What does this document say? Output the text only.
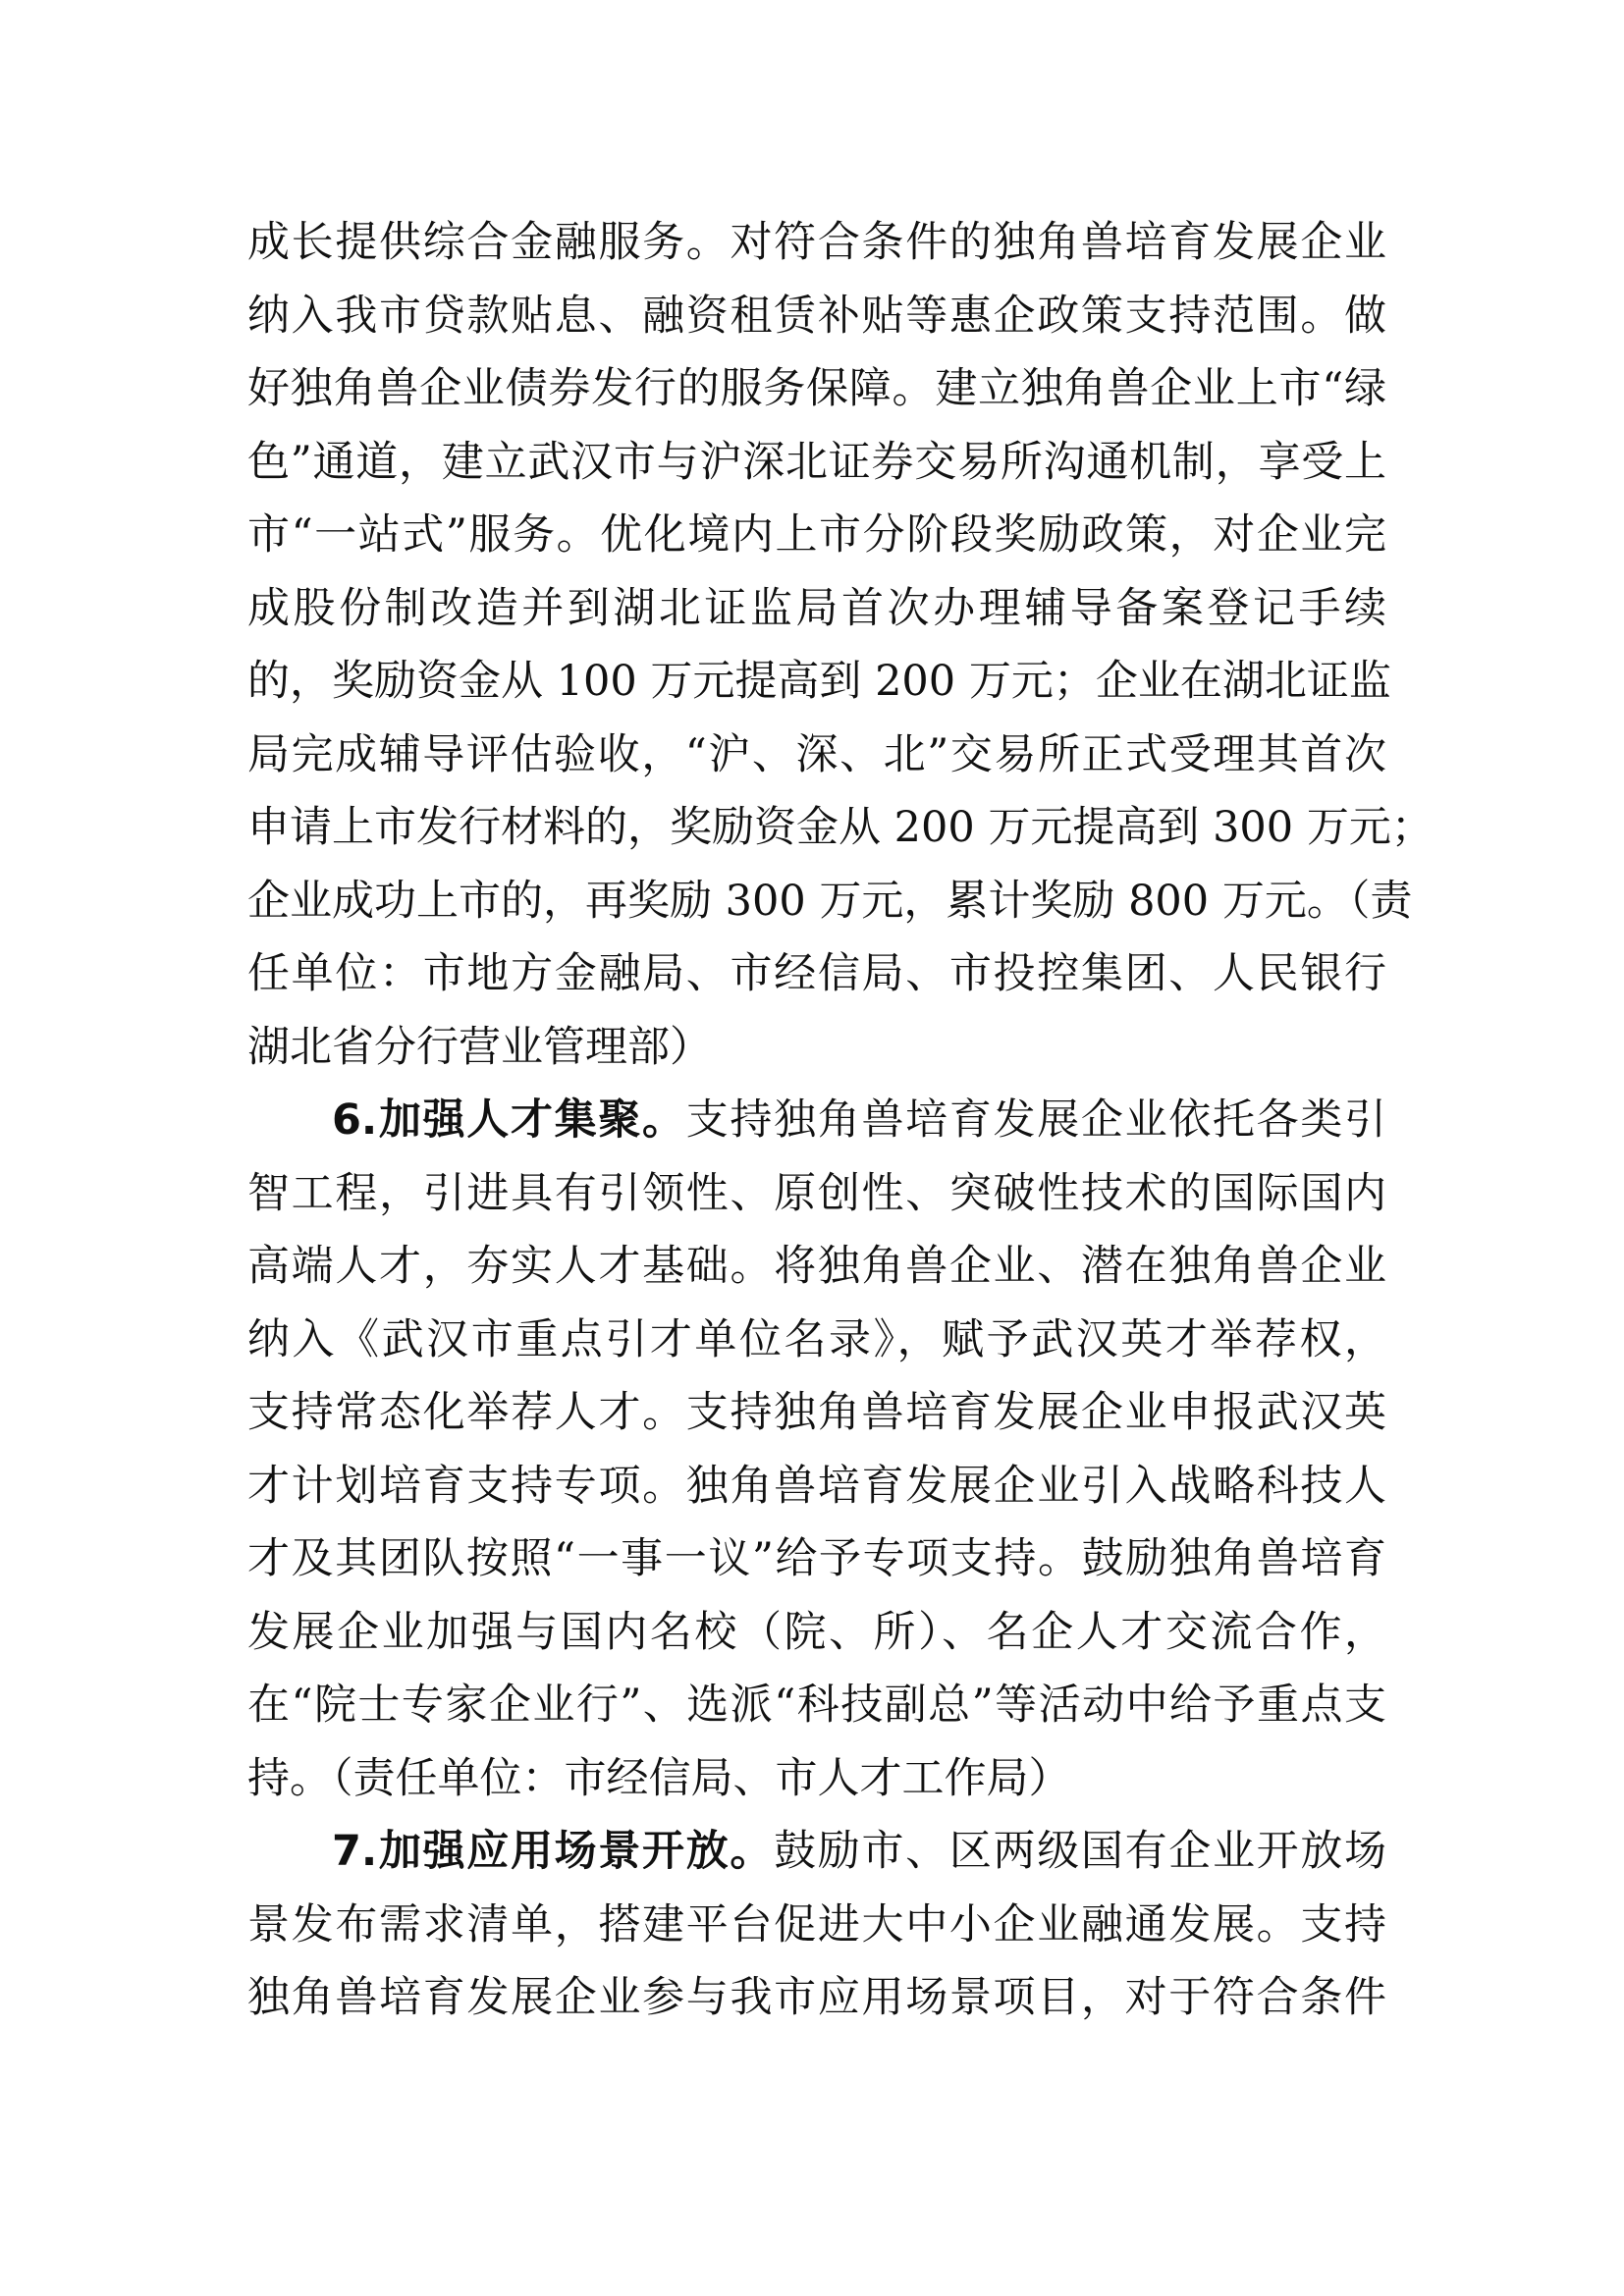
成长提供综合金融服务。对符合条件的独角兽培育发展企业
纳入我市贷款贴息、融资租赁补贴等惠企政策支持范围。做
好独角兽企业债券发行的服务保障。建立独角兽企业上市“绿
色”通道，建立武汉市与沪深北证券交易所沟通机制，享受上
市“一站式”服务。优化境内上市分阶段奖励政策，对企业完
成股份制改造并到湖北证监局首次办理辅导备案登记手续
的，奖励资金从 100 万元提高到 200 万元；企业在湖北证监
局完成辅导评估验收，“沪、深、北”交易所正式受理其首次
申请上市发行材料的，奖励资金从 200 万元提高到 300 万元；
企业成功上市的，再奖励 300 万元，累计奖励 800 万元。（责
任单位：市地方金融局、市经信局、市投控集团、人民银行
湖北省分行营业管理部）
6.加强人才集聚。支持独角兽培育发展企业依托各类引
智工程，引进具有引领性、原创性、突破性技术的国际国内
高端人才，夯实人才基础。将独角兽企业、潜在独角兽企业
纳入《武汉市重点引才单位名录》，赋予武汉英才举荐权，
支持常态化举荐人才。支持独角兽培育发展企业申报武汉英
才计划培育支持专项。独角兽培育发展企业引入战略科技人
才及其团队按照“一事一议”给予专项支持。鼓励独角兽培育
发展企业加强与国内名校（院、所）、名企人才交流合作，
在“院士专家企业行”、选派“科技副总”等活动中给予重点支
持。（责任单位：市经信局、市人才工作局）
7.加强应用场景开放。鼓励市、区两级国有企业开放场
景发布需求清单，搭建平台促进大中小企业融通发展。支持
独角兽培育发展企业参与我市应用场景项目，对于符合条件
